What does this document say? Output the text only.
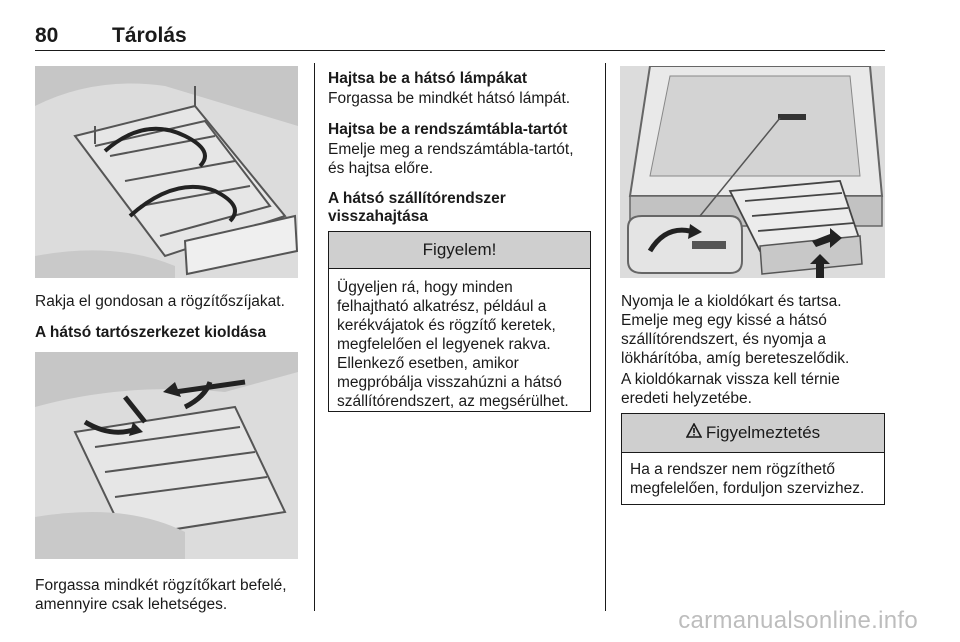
80	Tárolás
Rakja el gondosan a rögzítőszíjakat.
A hátsó tartószerkezet kioldása
Forgassa mindkét rögzítőkart befelé,
amennyire csak lehetséges.
Hajtsa be a hátsó lámpákat
Forgassa be mindkét hátsó lámpát.
Hajtsa be a rendszámtábla-tartót
Emelje meg a rendszámtábla-tartót,
és hajtsa előre.
A hátsó szállítórendszer
visszahajtása
Figyelem!
Ügyeljen rá, hogy minden
felhajtható alkatrész, például a
kerékvájatok és rögzítő keretek,
megfelelően el legyenek rakva.
Ellenkező esetben, amikor
megpróbálja visszahúzni a hátsó
szállítórendszert, az megsérülhet.
Nyomja le a kioldókart és tartsa.
Emelje meg egy kissé a hátsó
szállítórendszert, és nyomja a
lökhárítóba, amíg bereteszelődik.
A kioldókarnak vissza kell térnie
eredeti helyzetébe.
Figyelmeztetés
Ha a rendszer nem rögzíthető
megfelelően, forduljon szervizhez.
carmanualsonline.info
